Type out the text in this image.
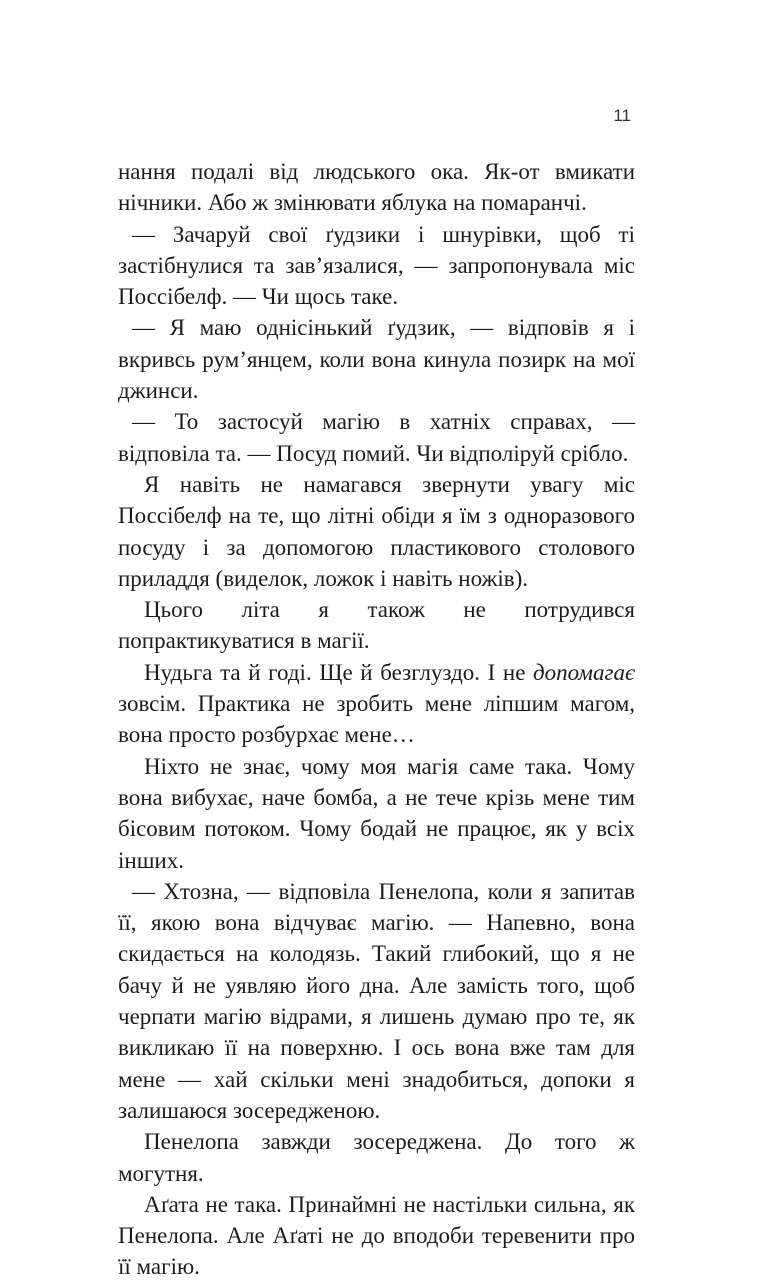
11

нання подалі від людського ока. Як-от вмикати нічники. Або ж змінювати яблука на помаранчі.

— Зачаруй свої ґудзики і шнурівки, щоб ті застібнулися та зав’язалися, — запропонувала міс Поссібелф. — Чи щось таке.

— Я маю однісінький ґудзик, — відповів я і вкривсь рум’янцем, коли вона кинула позирк на мої джинси.

— То застосуй магію в хатніх справах, — відповіла та. — Посуд помий. Чи відполіруй срібло.

Я навіть не намагався звернути увагу міс Поссібелф на те, що літні обіди я їм з одноразового посуду і за допомогою пластикового столового приладдя (виделок, ложок і навіть ножів).

Цього літа я також не потрудився попрактикуватися в магії.

Нудьга та й годі. Ще й безглуздо. І не допомагає зовсім. Практика не зробить мене ліпшим магом, вона просто розбурхає мене…

Ніхто не знає, чому моя магія саме така. Чому вона вибухає, наче бомба, а не тече крізь мене тим бісовим потоком. Чому бодай не працює, як у всіх інших.

— Хтозна, — відповіла Пенелопа, коли я запитав її, якою вона відчуває магію. — Напевно, вона скидається на колодязь. Такий глибокий, що я не бачу й не уявляю його дна. Але замість того, щоб черпати магію відрами, я лишень думаю про те, як викликаю її на поверхню. І ось вона вже там для мене — хай скільки мені знадобиться, допоки я залишаюся зосередженою.

Пенелопа завжди зосереджена. До того ж могутня.

Аґата не така. Принаймні не настільки сильна, як Пенелопа. Але Аґаті не до вподоби теревенити про її магію.
